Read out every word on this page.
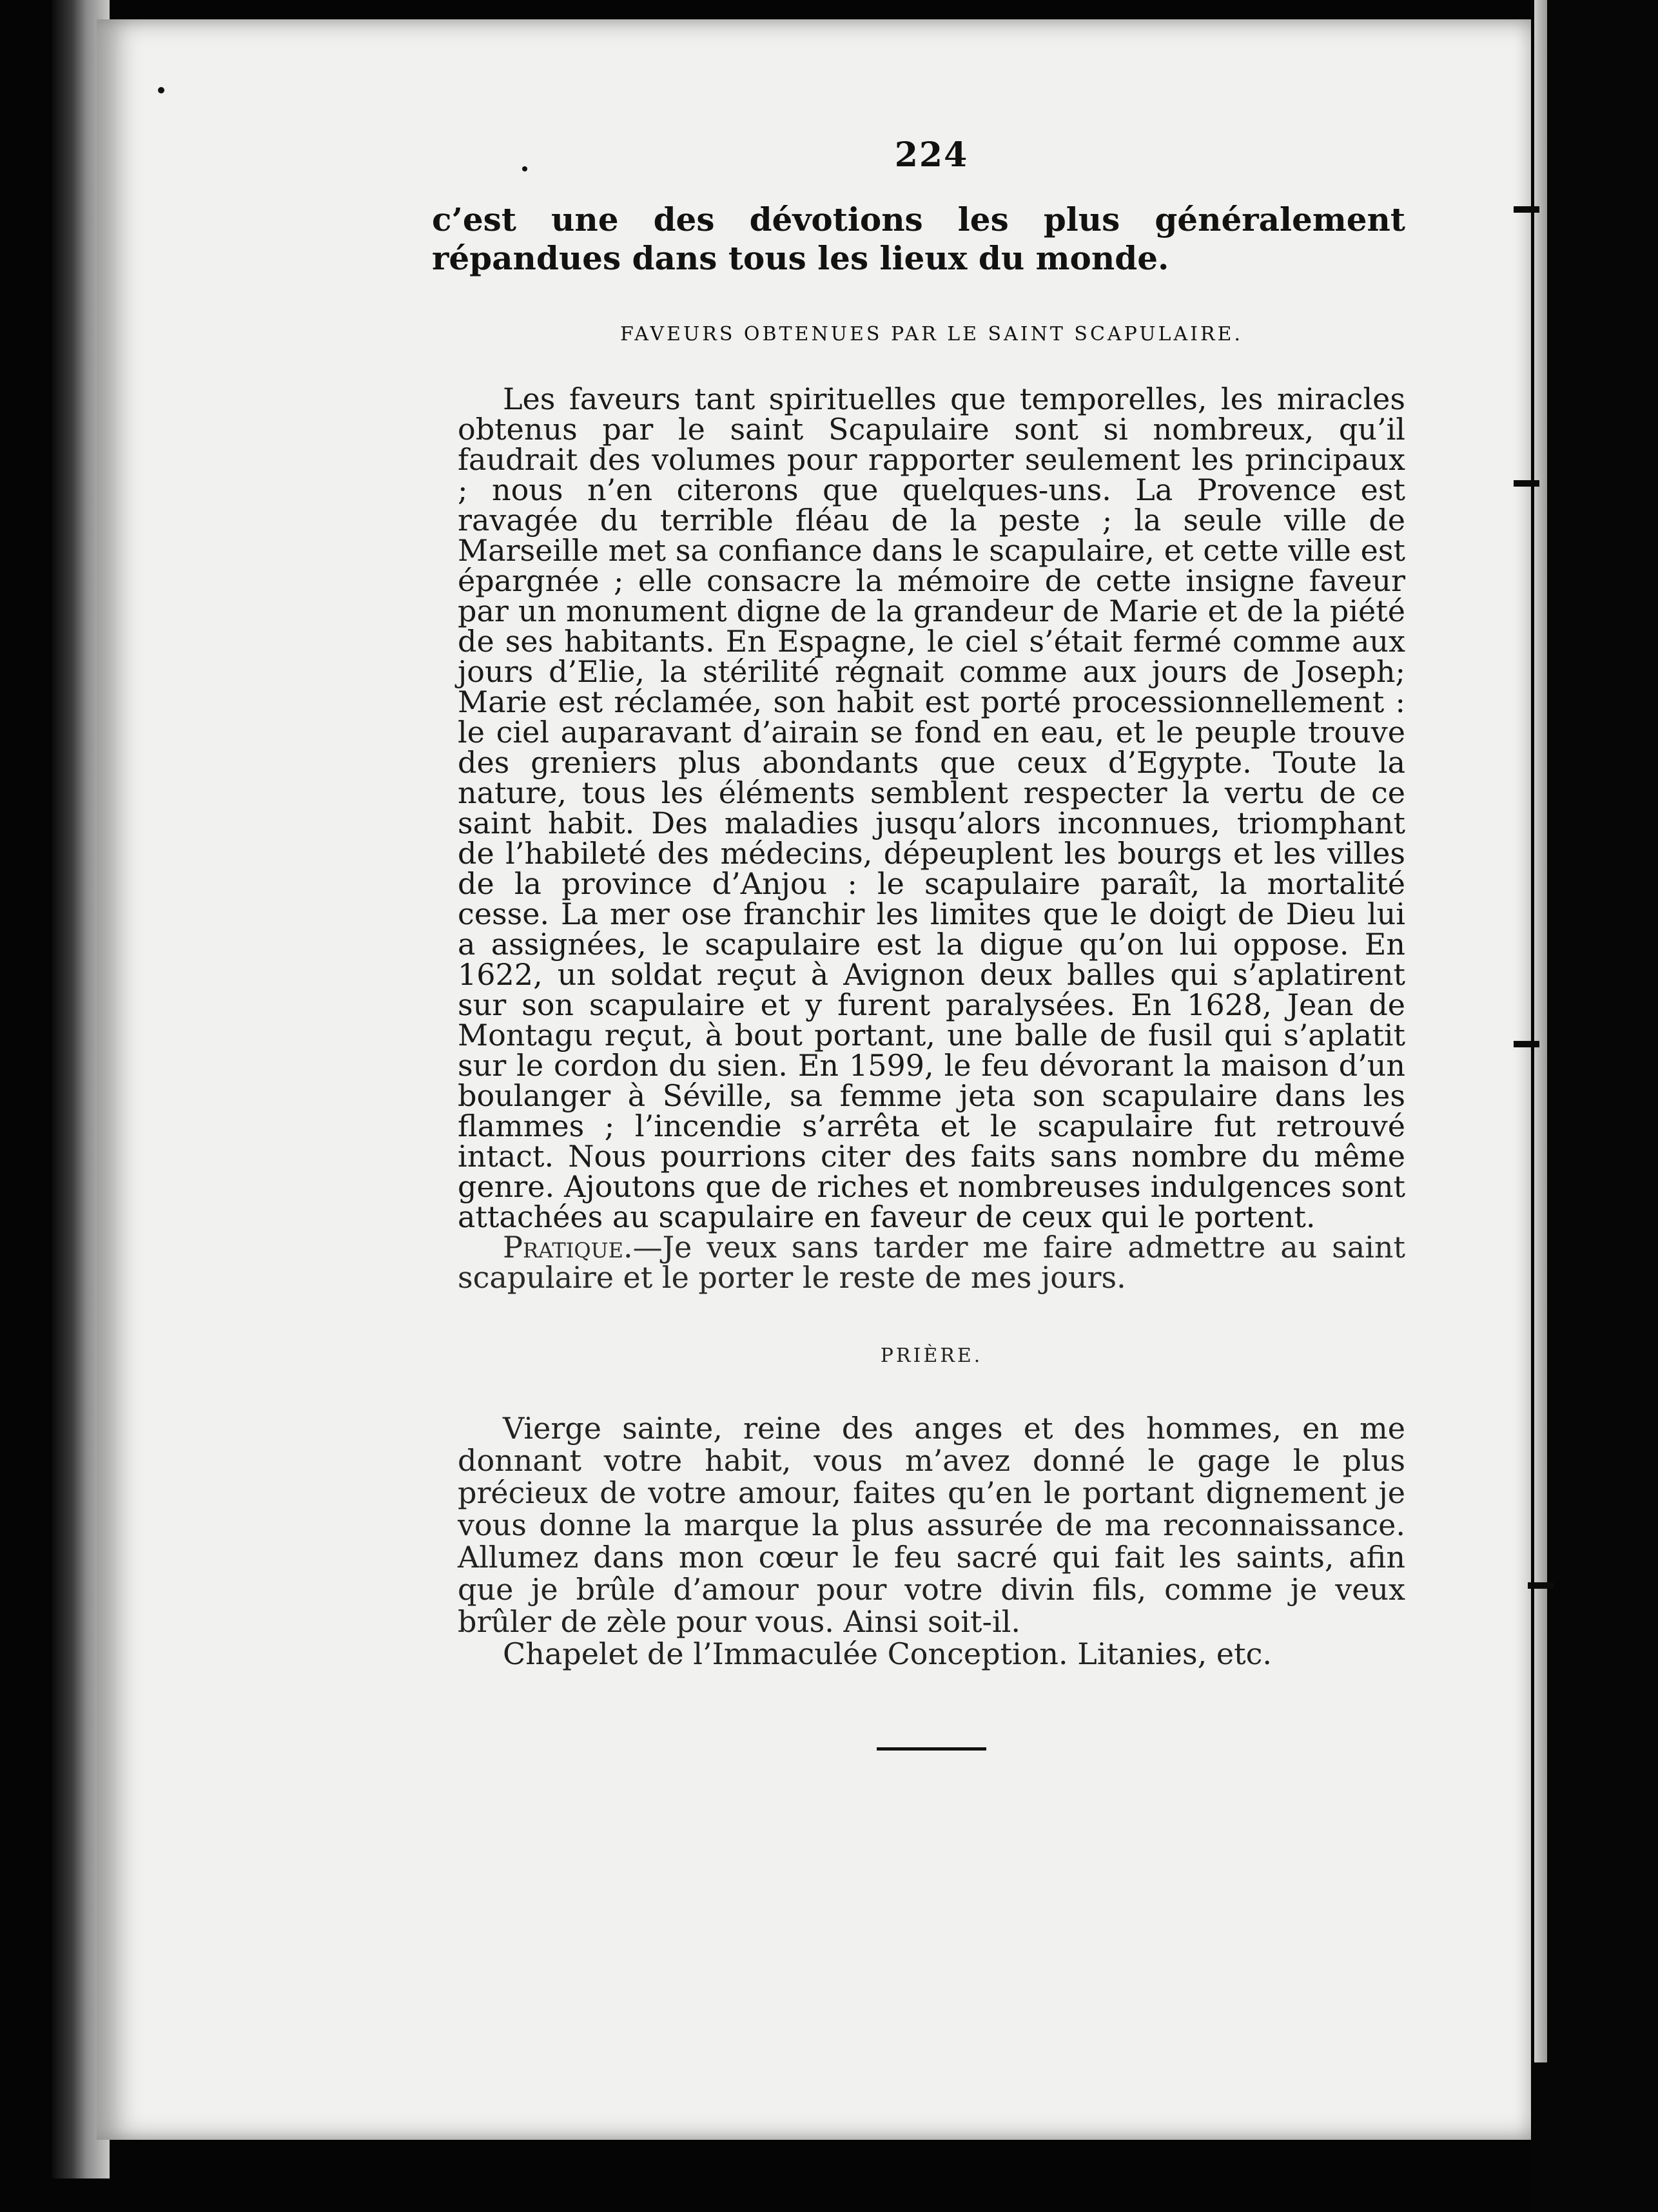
224

c’est une des dévotions les plus généralement répandues dans tous les lieux du monde.

FAVEURS OBTENUES PAR LE SAINT SCAPULAIRE.

Les faveurs tant spirituelles que temporelles, les miracles obtenus par le saint Scapulaire sont si nombreux, qu’il faudrait des volumes pour rapporter seulement les principaux ; nous n’en citerons que quelques-uns. La Provence est ravagée du terrible fléau de la peste ; la seule ville de Marseille met sa confiance dans le scapulaire, et cette ville est épargnée ; elle consacre la mémoire de cette insigne faveur par un monument digne de la grandeur de Marie et de la piété de ses habitants. En Espagne, le ciel s’était fermé comme aux jours d’Elie, la stérilité régnait comme aux jours de Joseph; Marie est réclamée, son habit est porté processionnellement : le ciel auparavant d’airain se fond en eau, et le peuple trouve des greniers plus abondants que ceux d’Egypte. Toute la nature, tous les éléments semblent respecter la vertu de ce saint habit. Des maladies jusqu’alors inconnues, triomphant de l’habileté des médecins, dépeuplent les bourgs et les villes de la province d’Anjou : le scapulaire paraît, la mortalité cesse. La mer ose franchir les limites que le doigt de Dieu lui a assignées, le scapulaire est la digue qu’on lui oppose. En 1622, un soldat reçut à Avignon deux balles qui s’aplatirent sur son scapulaire et y furent paralysées. En 1628, Jean de Montagu reçut, à bout portant, une balle de fusil qui s’aplatit sur le cordon du sien. En 1599, le feu dévorant la maison d’un boulanger à Séville, sa femme jeta son scapulaire dans les flammes ; l’incendie s’arrêta et le scapulaire fut retrouvé intact. Nous pourrions citer des faits sans nombre du même genre. Ajoutons que de riches et nombreuses indulgences sont attachées au scapulaire en faveur de ceux qui le portent.

Pratique.—Je veux sans tarder me faire admettre au saint scapulaire et le porter le reste de mes jours.

PRIÈRE.

Vierge sainte, reine des anges et des hommes, en me donnant votre habit, vous m’avez donné le gage le plus précieux de votre amour, faites qu’en le portant dignement je vous donne la marque la plus assurée de ma reconnaissance. Allumez dans mon cœur le feu sacré qui fait les saints, afin que je brûle d’amour pour votre divin fils, comme je veux brûler de zèle pour vous. Ainsi soit-il.

Chapelet de l’Immaculée Conception. Litanies, etc.
